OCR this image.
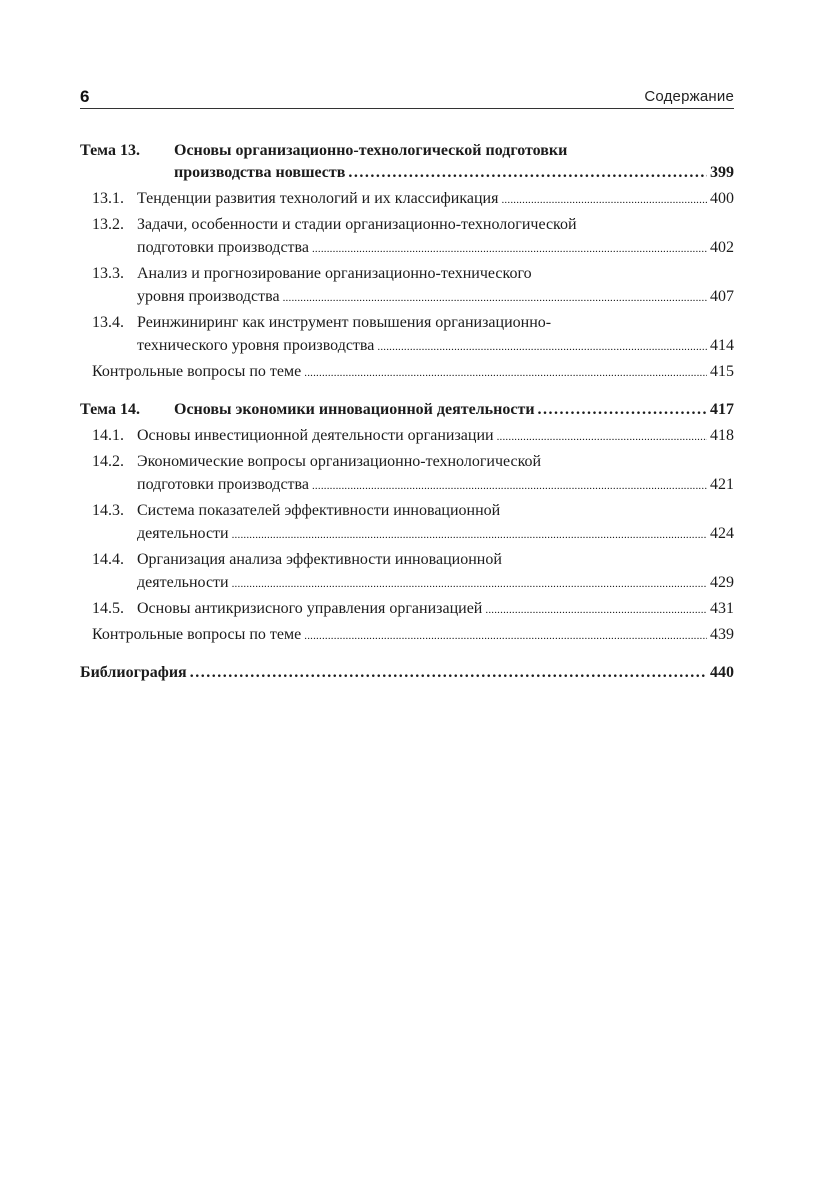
6	Содержание
Тема 13.	Основы организационно-технологической подготовки
производства новшеств .....	399
13.1. Тенденции развития технологий и их классификация .....	400
13.2. Задачи, особенности и стадии организационно-технологической
подготовки производства .....	402
13.3. Анализ и прогнозирование организационно-технического
уровня производства .....	407
13.4. Реинжиниринг как инструмент повышения организационно-
технического уровня производства .....	414
Контрольные вопросы по теме .....	415
Тема 14.	Основы экономики инновационной деятельности .....	417
14.1. Основы инвестиционной деятельности организации .....	418
14.2. Экономические вопросы организационно-технологической
подготовки производства .....	421
14.3. Система показателей эффективности инновационной
деятельности .....	424
14.4. Организация анализа эффективности инновационной
деятельности .....	429
14.5. Основы антикризисного управления организацией .....	431
Контрольные вопросы по теме .....	439
Библиография .....	440
